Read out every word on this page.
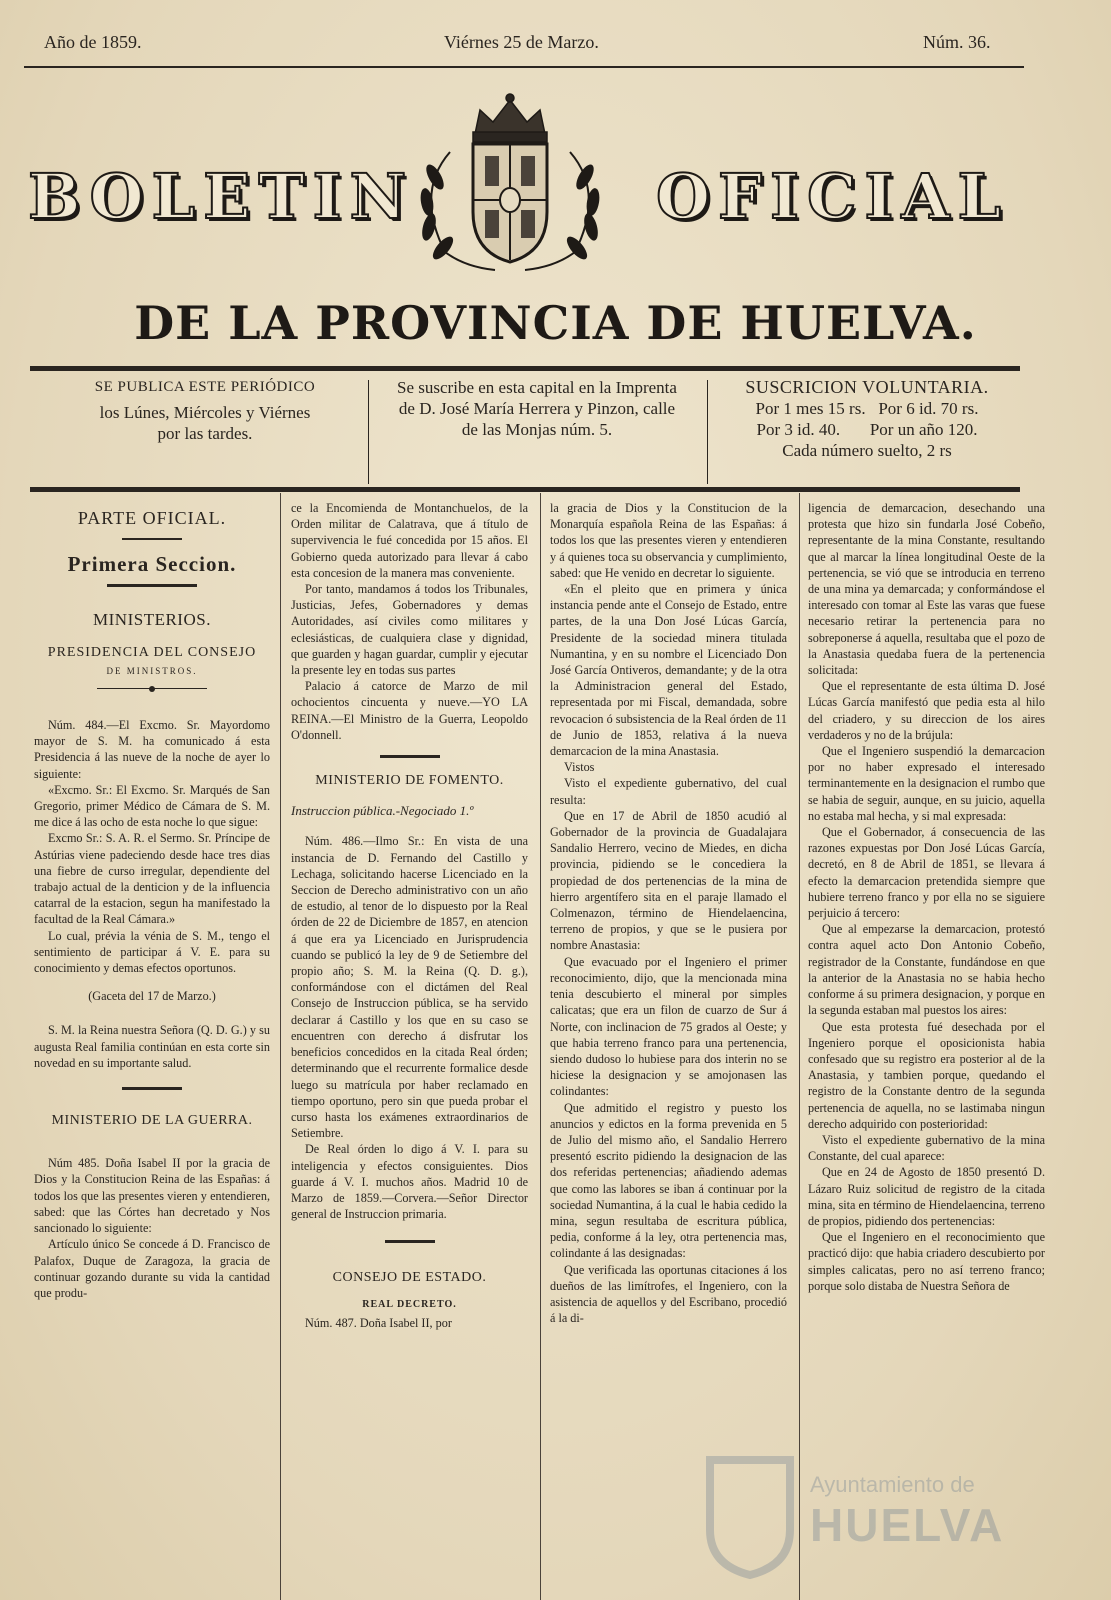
Año de 1859.	Viérnes 25 de Marzo.	Núm. 36.
BOLETIN	OFICIAL
DE LA PROVINCIA DE HUELVA.
SE PUBLICA ESTE PERIÓDICO
los Lúnes, Miércoles y Viérnes
por las tardes.
Se suscribe en esta capital en la Imprenta
de D. José María Herrera y Pinzon, calle
de las Monjas núm. 5.
SUSCRICION VOLUNTARIA.
Por 1 mes 15 rs.   Por 6 id. 70 rs.
Por 3 id. 40.       Por un año 120.
Cada número suelto, 2 rs

PARTE OFICIAL.

Primera Seccion.

MINISTERIOS.

PRESIDENCIA DEL CONSEJO

DE MINISTROS.

Núm. 484.—El Excmo. Sr. Mayordomo mayor de S. M. ha comunicado á esta Presidencia á las nueve de la noche de ayer lo siguiente:

«Excmo. Sr.: El Excmo. Sr. Marqués de San Gregorio, primer Médico de Cámara de S. M. me dice á las ocho de esta noche lo que sigue:

Excmo Sr.: S. A. R. el Sermo. Sr. Príncipe de Astúrias viene padeciendo desde hace tres dias una fiebre de curso irregular, dependiente del trabajo actual de la denticion y de la influencia catarral de la estacion, segun ha manifestado la facultad de la Real Cámara.»

Lo cual, prévia la vénia de S. M., tengo el sentimiento de participar á V. E. para su conocimiento y demas efectos oportunos.

(Gaceta del 17 de Marzo.)

S. M. la Reina nuestra Señora (Q. D. G.) y su augusta Real familia continúan en esta corte sin novedad en su importante salud.

MINISTERIO DE LA GUERRA.

Núm 485. Doña Isabel II por la gracia de Dios y la Constitucion Reina de las Españas: á todos los que las presentes vieren y entendieren, sabed: que las Córtes han decretado y Nos sancionado lo siguiente:

Artículo único Se concede á D. Francisco de Palafox, Duque de Zaragoza, la gracia de continuar gozando durante su vida la cantidad que produ-

ce la Encomienda de Montanchuelos, de la Orden militar de Calatrava, que á título de supervivencia le fué concedida por 15 años. El Gobierno queda autorizado para llevar á cabo esta concesion de la manera mas conveniente.

Por tanto, mandamos á todos los Tribunales, Justicias, Jefes, Gobernadores y demas Autoridades, así civiles como militares y eclesiásticas, de cualquiera clase y dignidad, que guarden y hagan guardar, cumplir y ejecutar la presente ley en todas sus partes

Palacio á catorce de Marzo de mil ochocientos cincuenta y nueve.—YO LA REINA.—El Ministro de la Guerra, Leopoldo O'donnell.

MINISTERIO DE FOMENTO.

Instruccion pública.-Negociado 1.º

Núm. 486.—Ilmo Sr.: En vista de una instancia de D. Fernando del Castillo y Lechaga, solicitando hacerse Licenciado en la Seccion de Derecho administrativo con un año de estudio, al tenor de lo dispuesto por la Real órden de 22 de Diciembre de 1857, en atencion á que era ya Licenciado en Jurisprudencia cuando se publicó la ley de 9 de Setiembre del propio año; S. M. la Reina (Q. D. g.), conformándose con el dictámen del Real Consejo de Instruccion pública, se ha servido declarar á Castillo y los que en su caso se encuentren con derecho á disfrutar los beneficios concedidos en la citada Real órden; determinando que el recurrente formalice desde luego su matrícula por haber reclamado en tiempo oportuno, pero sin que pueda probar el curso hasta los exámenes extraordinarios de Setiembre.

De Real órden lo digo á V. I. para su inteligencia y efectos consiguientes. Dios guarde á V. I. muchos años. Madrid 10 de Marzo de 1859.—Corvera.—Señor Director general de Instruccion primaria.

CONSEJO DE ESTADO.

REAL DECRETO.

Núm. 487. Doña Isabel II, por

la gracia de Dios y la Constitucion de la Monarquía española Reina de las Españas: á todos los que las presentes vieren y entendieren y á quienes toca su observancia y cumplimiento, sabed: que He venido en decretar lo siguiente.

«En el pleito que en primera y única instancia pende ante el Consejo de Estado, entre partes, de la una Don José Lúcas García, Presidente de la sociedad minera titulada Numantina, y en su nombre el Licenciado Don José García Ontiveros, demandante; y de la otra la Administracion general del Estado, representada por mi Fiscal, demandada, sobre revocacion ó subsistencia de la Real órden de 11 de Junio de 1853, relativa á la nueva demarcacion de la mina Anastasia.

Vistos

Visto el expediente gubernativo, del cual resulta:

Que en 17 de Abril de 1850 acudió al Gobernador de la provincia de Guadalajara Sandalio Herrero, vecino de Miedes, en dicha provincia, pidiendo se le concediera la propiedad de dos pertenencias de la mina de hierro argentífero sita en el paraje llamado el Colmenazon, término de Hiendelaencina, terreno de propios, y que se le pusiera por nombre Anastasia:

Que evacuado por el Ingeniero el primer reconocimiento, dijo, que la mencionada mina tenia descubierto el mineral por simples calicatas; que era un filon de cuarzo de Sur á Norte, con inclinacion de 75 grados al Oeste; y que habia terreno franco para una pertenencia, siendo dudoso lo hubiese para dos interin no se hiciese la designacion y se amojonasen las colindantes:

Que admitido el registro y puesto los anuncios y edictos en la forma prevenida en 5 de Julio del mismo año, el Sandalio Herrero presentó escrito pidiendo la designacion de las dos referidas pertenencias; añadiendo ademas que como las labores se iban á continuar por la sociedad Numantina, á la cual le habia cedido la mina, segun resultaba de escritura pública, pedia, conforme á la ley, otra pertenencia mas, colindante á las designadas:

Que verificada las oportunas citaciones á los dueños de las limítrofes, el Ingeniero, con la asistencia de aquellos y del Escribano, procedió á la di-

ligencia de demarcacion, desechando una protesta que hizo sin fundarla José Cobeño, representante de la mina Constante, resultando que al marcar la línea longitudinal Oeste de la pertenencia, se vió que se introducia en terreno de una mina ya demarcada; y conformándose el interesado con tomar al Este las varas que fuese necesario retirar la pertenencia para no sobreponerse á aquella, resultaba que el pozo de la Anastasia quedaba fuera de la pertenencia solicitada:

Que el representante de esta última D. José Lúcas García manifestó que pedia esta al hilo del criadero, y su direccion de los aires verdaderos y no de la brújula:

Que el Ingeniero suspendió la demarcacion por no haber expresado el interesado terminantemente en la designacion el rumbo que se habia de seguir, aunque, en su juicio, aquella no estaba mal hecha, y si mal expresada:

Que el Gobernador, á consecuencia de las razones expuestas por Don José Lúcas García, decretó, en 8 de Abril de 1851, se llevara á efecto la demarcacion pretendida siempre que hubiere terreno franco y por ella no se siguiere perjuicio á tercero:

Que al empezarse la demarcacion, protestó contra aquel acto Don Antonio Cobeño, registrador de la Constante, fundándose en que la anterior de la Anastasia no se habia hecho conforme á su primera designacion, y porque en la segunda estaban mal puestos los aires:

Que esta protesta fué desechada por el Ingeniero porque el oposicionista habia confesado que su registro era posterior al de la Anastasia, y tambien porque, quedando el registro de la Constante dentro de la segunda pertenencia de aquella, no se lastimaba ningun derecho adquirido con posterioridad:

Visto el expediente gubernativo de la mina Constante, del cual aparece:

Que en 24 de Agosto de 1850 presentó D. Lázaro Ruiz solicitud de registro de la citada mina, sita en término de Hiendelaencina, terreno de propios, pidiendo dos pertenencias:

Que el Ingeniero en el reconocimiento que practicó dijo: que habia criadero descubierto por simples calicatas, pero no así terreno franco; porque solo distaba de Nuestra Señora de

Ayuntamiento de
HUELVA
